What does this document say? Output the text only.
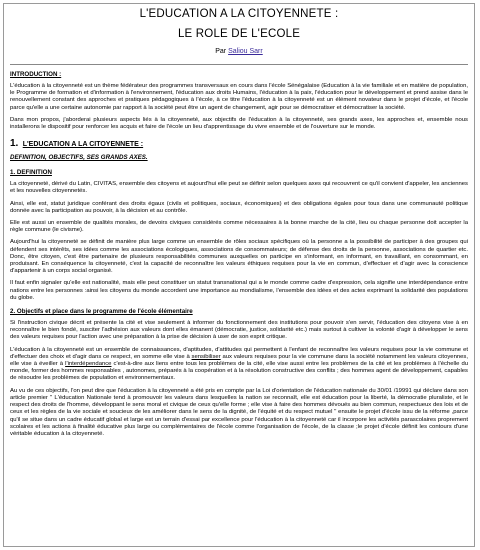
L'EDUCATION A LA CITOYENNETE :
LE ROLE DE L'ECOLE
Par Saliou Sarr
INTRODUCTION :

L'éducation à la citoyenneté est un thème fédérateur des programmes transversaux en cours dans l'école Sénégalaise (Education à la vie familiale et en matière de population, le Programme de formation et d'information à l'environnement, l'éducation aux droits Humains, l'éducation à la paix, l'éducation pour le développement et prend assise dans le renouvellement constant des approches et pratiques pédagogiques à l'école, à ce titre l'éducation à la citoyenneté est un élément novateur dans le projet d'école, et l'école parce qu'elle a une certaine autonomie par rapport à la société peut être un agent de changement, agir pour se démocratiser et démocratiser la société.

Dans mon propos, j'aborderai plusieurs aspects liés à la citoyenneté, aux objectifs de l'éducation à la citoyenneté, ses grands axes, les approches et, ensemble nous installerons le dispositif pour renforcer les acquis et faire de l'école un lieu d'apprentissage du vivre ensemble et de l'ouverture sur le monde.

1. L'EDUCATION A LA CITOYENNETE :
DEFINITION, OBJECTIFS, SES GRANDS AXES.
1. DEFINITION

La citoyenneté, dérivé du Latin, CIVITAS, ensemble des citoyens et aujourd'hui elle peut se définir selon quelques axes qui recouvrent ce qu'il convient d'appeler, les anciennes et les nouvelles citoyennetés.

Ainsi, elle est, statut juridique conférant des droits égaux (civils et politiques, sociaux, économiques) et des obligations égales pour tous dans une communauté politique donnée avec la participation au pouvoir, à la décision et au contrôle.

Elle est aussi un ensemble de qualités morales, de devoirs civiques considérés comme nécessaires à la bonne marche de la cité, lieu ou chaque personne doit accepter la règle commune (le civisme).

Aujourd'hui la citoyenneté se définit de manière plus large comme un ensemble de rôles sociaux spécifiques où la personne a la possibilité de participer à des groupes qui défendent ses intérêts, ses idées comme les associations écologiques, associations de consommateurs; de défense des droits de la personne, associations de quartier etc. Donc, être citoyen, c'est être partenaire de plusieurs responsabilités communes auxquelles on participe en s'informant, en informant, en travaillant, en consommant, en produisant. En conséquence la citoyenneté, c'est la capacité de reconnaître les valeurs éthiques requises pour la vie en commun, d'effectuer et d'agir avec la conscience d'appartenir à un corps social organisé.

Il faut enfin signaler qu'elle est nationalité, mais elle peut constituer un statut transnational qui a le monde comme cadre d'expression, cela signifie une interdépendance entre nations entre les personnes :ainsi les citoyens du monde accordent une importance au mondialisme, l'ensemble des idées et des actes exprimant la solidarité des populations du globe.

2. Objectifs et place dans le programme de l'école élémentaire

Si l'instruction civique décrit et présente la cité et vise seulement à informer du fonctionnement des institutions pour pouvoir s'en servir, l'éducation des citoyens vise à en reconnaître le bien fondé, susciter l'adhésion aux valeurs dont elles émanent (démocratie, justice, solidarité etc.) mais surtout à cultiver la volonté d'agir à développer le sens des valeurs requises pour l'action avec une préparation à la prise de décision à user de son esprit critique.

L'éducation à la citoyenneté est un ensemble de connaissances, d'aptitudes, d'attitudes qui permettent à l'enfant de reconnaître les valeurs requises pour la vie commune et d'effectuer des choix et d'agir dans ce respect, en somme elle vise à sensibiliser aux valeurs requises pour la vie commune dans la société notamment les valeurs citoyennes, elle vise à éveiller à l'interdépendance c'est-à-dire aux liens entre tous les problèmes de la cité, elle vise aussi entre les problèmes de la cité et les problèmes à l'échelle du monde, former des hommes responsables , autonomes, préparés à la coopération et à la résolution constructive des conflits ; des hommes agent de développement, capables de résoudre les problèmes de population et environnementaux.

Au vu de ces objectifs, l'on peut dire que l'éducation à la citoyenneté a été pris en compte par la Loi d'orientation de l'éducation nationale du 30/01 /19991 qui déclare dans son article premier " L'éducation Nationale tend à promouvoir les valeurs dans lesquelles la nation se reconnaît, elle est éducation pour la liberté, la démocratie pluraliste, et le respect des droits de l'homme, développant le sens moral et civique de ceux qu'elle forme ; elle vise à faire des hommes dévoués au bien commun, respectueux des lois et de ceux et les règles de la vie sociale et soucieux de les améliorer dans le sens de la dignité, de l'équité et du respect mutuel " ensuite le projet d'école issu de la réforme ,parce qu'il se situe dans un cadre éducatif global et large est un terrain d'essai par excellence pour l'éducation à la citoyenneté car il incorpore les activités parascolaires proprement scolaires et les actions à finalité éducative plus large ou complémentaires de l'école comme l'organisation de l'école, de la classe ;le projet d'école définit les contours d'une véritable éducation à la citoyenneté.
